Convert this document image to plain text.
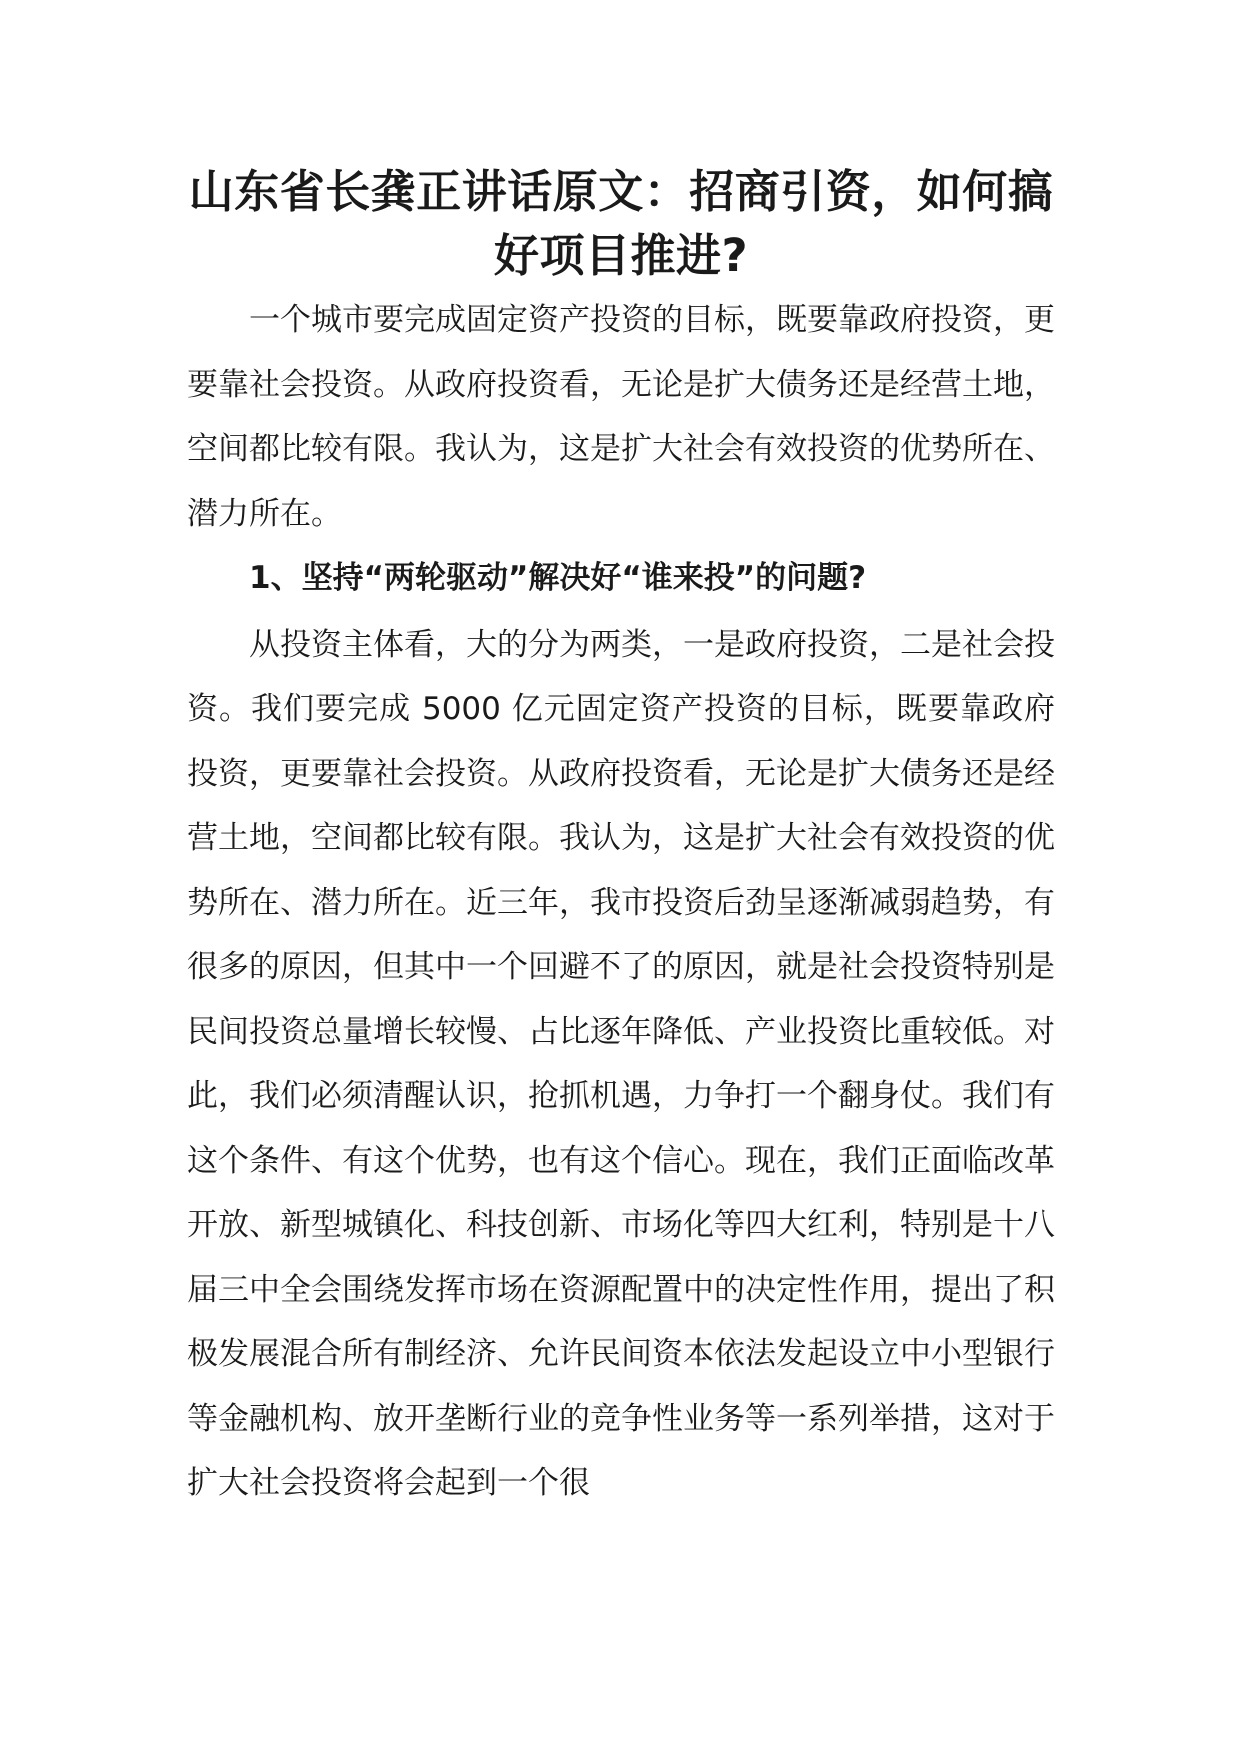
山东省长龚正讲话原文：招商引资，如何搞好项目推进?

一个城市要完成固定资产投资的目标，既要靠政府投资，更要靠社会投资。从政府投资看，无论是扩大债务还是经营土地，空间都比较有限。我认为，这是扩大社会有效投资的优势所在、潜力所在。

1、坚持“两轮驱动”解决好“谁来投”的问题?

从投资主体看，大的分为两类，一是政府投资，二是社会投资。我们要完成 5000 亿元固定资产投资的目标，既要靠政府投资，更要靠社会投资。从政府投资看，无论是扩大债务还是经营土地，空间都比较有限。我认为，这是扩大社会有效投资的优势所在、潜力所在。近三年，我市投资后劲呈逐渐减弱趋势，有很多的原因，但其中一个回避不了的原因，就是社会投资特别是民间投资总量增长较慢、占比逐年降低、产业投资比重较低。对此，我们必须清醒认识，抢抓机遇，力争打一个翻身仗。我们有这个条件、有这个优势，也有这个信心。现在，我们正面临改革开放、新型城镇化、科技创新、市场化等四大红利，特别是十八届三中全会围绕发挥市场在资源配置中的决定性作用，提出了积极发展混合所有制经济、允许民间资本依法发起设立中小型银行等金融机构、放开垄断行业的竞争性业务等一系列举措，这对于扩大社会投资将会起到一个很
